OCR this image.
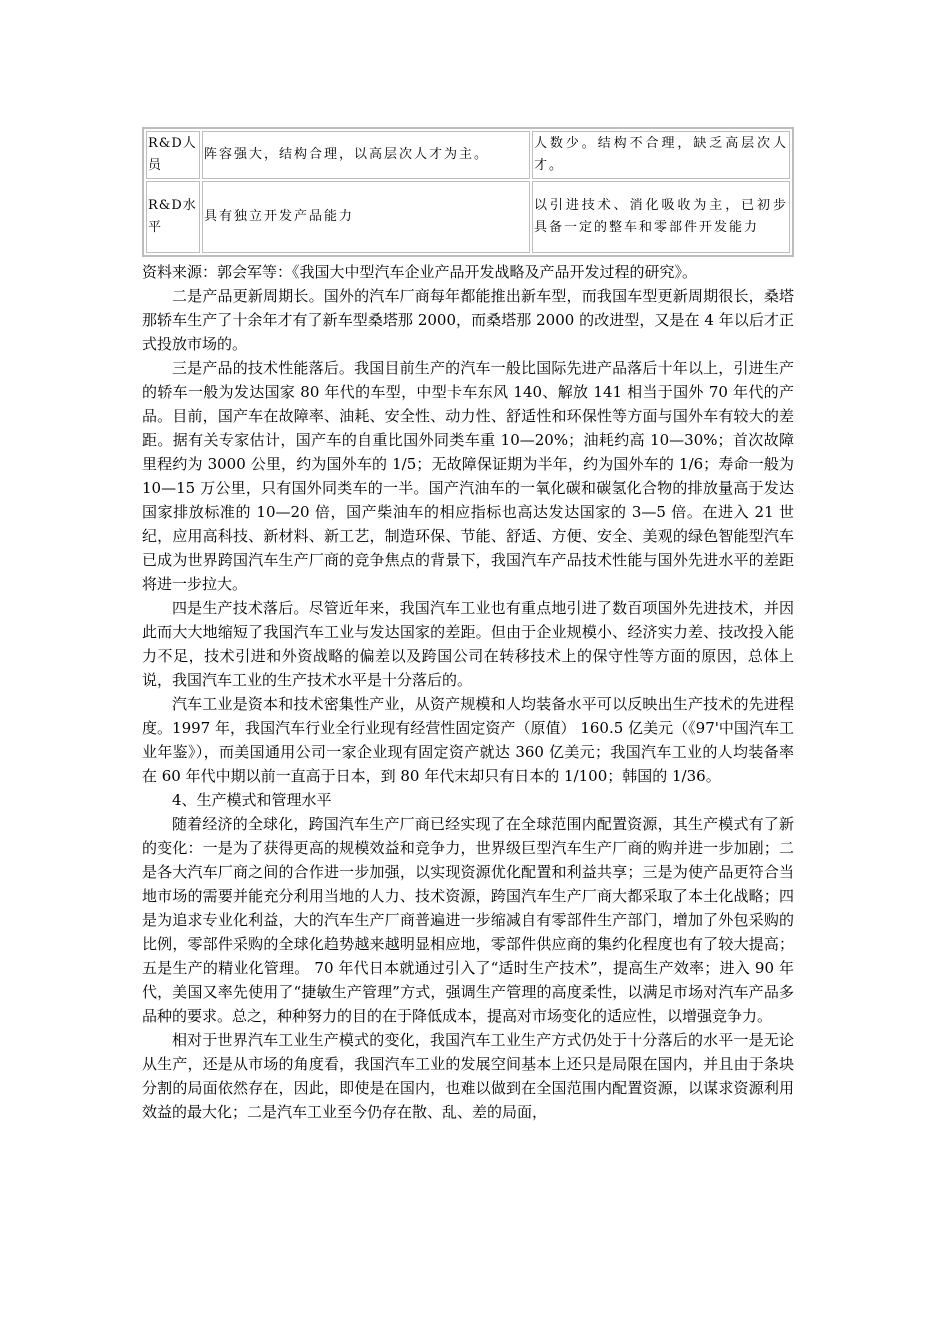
R&D人员	阵容强大，结构合理，以高层次人才为主。	人数少。结构不合理，缺乏高层次人才。
R&D水平	具有独立开发产品能力	以引进技术、消化吸收为主，已初步具备一定的整车和零部件开发能力
资料来源：郭会军等：《我国大中型汽车企业产品开发战略及产品开发过程的研究》。

二是产品更新周期长。国外的汽车厂商每年都能推出新车型，而我国车型更新周期很长，桑塔那轿车生产了十余年才有了新车型桑塔那 2000，而桑塔那 2000 的改进型，又是在 4 年以后才正式投放市场的。

三是产品的技术性能落后。我国目前生产的汽车一般比国际先进产品落后十年以上，引进生产的轿车一般为发达国家 80 年代的车型，中型卡车东风 140、解放 141 相当于国外 70 年代的产品。目前，国产车在故障率、油耗、安全性、动力性、舒适性和环保性等方面与国外车有较大的差距。据有关专家估计，国产车的自重比国外同类车重 10—20%；油耗约高 10—30%；首次故障里程约为 3000 公里，约为国外车的 1/5；无故障保证期为半年，约为国外车的 1/6；寿命一般为 10—15 万公里，只有国外同类车的一半。国产汽油车的一氧化碳和碳氢化合物的排放量高于发达国家排放标准的 10—20 倍，国产柴油车的相应指标也高达发达国家的 3—5 倍。在进入 21 世纪，应用高科技、新材料、新工艺，制造环保、节能、舒适、方便、安全、美观的绿色智能型汽车已成为世界跨国汽车生产厂商的竞争焦点的背景下，我国汽车产品技术性能与国外先进水平的差距将进一步拉大。

四是生产技术落后。尽管近年来，我国汽车工业也有重点地引进了数百项国外先进技术，并因此而大大地缩短了我国汽车工业与发达国家的差距。但由于企业规模小、经济实力差、技改投入能力不足，技术引进和外资战略的偏差以及跨国公司在转移技术上的保守性等方面的原因，总体上说，我国汽车工业的生产技术水平是十分落后的。

汽车工业是资本和技术密集性产业，从资产规模和人均装备水平可以反映出生产技术的先进程度。1997 年，我国汽车行业全行业现有经营性固定资产（原值） 160.5 亿美元（《97'中国汽车工业年鉴》），而美国通用公司一家企业现有固定资产就达 360 亿美元；我国汽车工业的人均装备率在 60 年代中期以前一直高于日本，到 80 年代末却只有日本的 1/100；韩国的 1/36。

4、生产模式和管理水平

随着经济的全球化，跨国汽车生产厂商已经实现了在全球范围内配置资源，其生产模式有了新的变化：一是为了获得更高的规模效益和竞争力，世界级巨型汽车生产厂商的购并进一步加剧；二是各大汽车厂商之间的合作进一步加强，以实现资源优化配置和利益共享；三是为使产品更符合当地市场的需要并能充分利用当地的人力、技术资源，跨国汽车生产厂商大都采取了本土化战略；四是为追求专业化利益，大的汽车生产厂商普遍进一步缩减自有零部件生产部门，增加了外包采购的比例，零部件采购的全球化趋势越来越明显相应地，零部件供应商的集约化程度也有了较大提高；五是生产的精业化管理。 70 年代日本就通过引入了“适时生产技术”，提高生产效率；进入 90 年代，美国又率先使用了“捷敏生产管理”方式，强调生产管理的高度柔性，以满足市场对汽车产品多品种的要求。总之，种种努力的目的在于降低成本，提高对市场变化的适应性，以增强竞争力。

相对于世界汽车工业生产模式的变化，我国汽车工业生产方式仍处于十分落后的水平一是无论从生产，还是从市场的角度看，我国汽车工业的发展空间基本上还只是局限在国内，并且由于条块分割的局面依然存在，因此，即使是在国内，也难以做到在全国范围内配置资源，以谋求资源利用效益的最大化；二是汽车工业至今仍存在散、乱、差的局面，
